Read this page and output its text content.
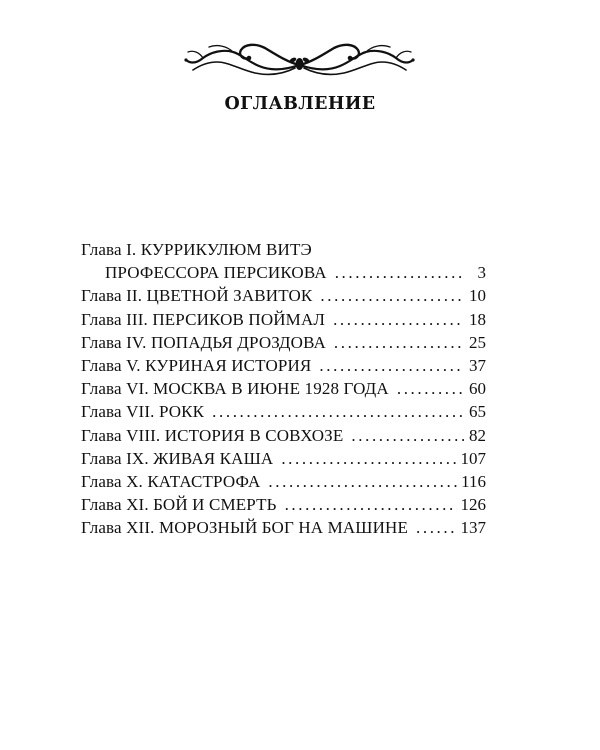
ОГЛАВЛЕНИЕ
Глава I. КУРРИКУЛЮМ ВИТЭ
ПРОФЕССОРА ПЕРСИКОВА .....	3
Глава II. ЦВЕТНОЙ ЗАВИТОК .....	10
Глава III. ПЕРСИКОВ ПОЙМАЛ .....	18
Глава IV. ПОПАДЬЯ ДРОЗДОВА .....	25
Глава V. КУРИНАЯ ИСТОРИЯ .....	37
Глава VI. МОСКВА В ИЮНЕ 1928 ГОДА .....	60
Глава VII. РОКК .....	65
Глава VIII. ИСТОРИЯ В СОВХОЗЕ .....	82
Глава IX. ЖИВАЯ КАША .....	107
Глава X. КАТАСТРОФА .....	116
Глава XI. БОЙ И СМЕРТЬ .....	126
Глава XII. МОРОЗНЫЙ БОГ НА МАШИНЕ .....	137
